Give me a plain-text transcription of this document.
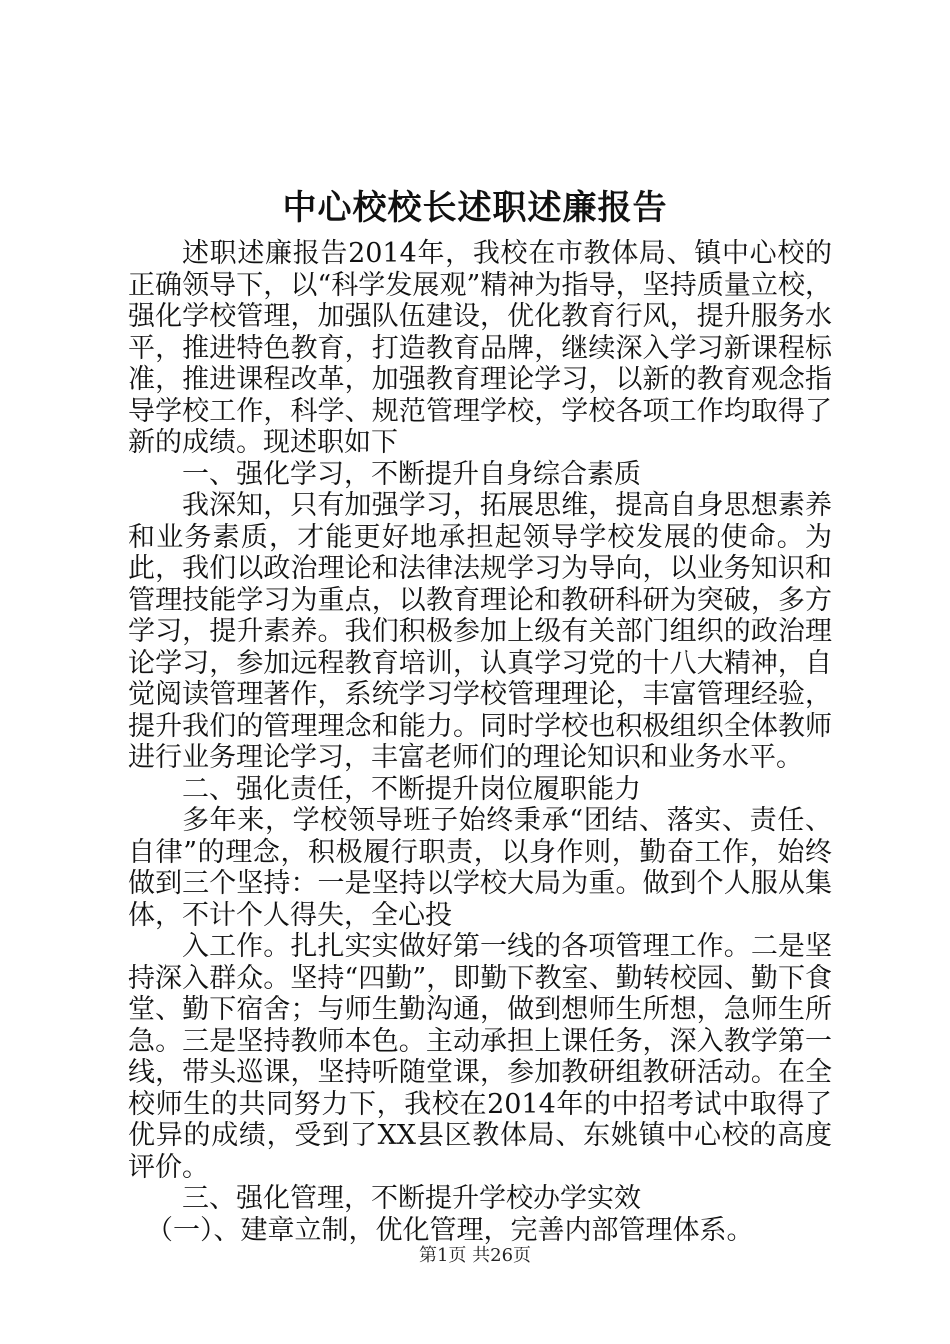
中心校校长述职述廉报告

述职述廉报告2014年，我校在市教体局、镇中心校的正确领导下，以“科学发展观”精神为指导，坚持质量立校，强化学校管理，加强队伍建设，优化教育行风，提升服务水平，推进特色教育，打造教育品牌，继续深入学习新课程标准，推进课程改革，加强教育理论学习，以新的教育观念指导学校工作，科学、规范管理学校，学校各项工作均取得了新的成绩。现述职如下

一、强化学习，不断提升自身综合素质

我深知，只有加强学习，拓展思维，提高自身思想素养和业务素质，才能更好地承担起领导学校发展的使命。为此，我们以政治理论和法律法规学习为导向，以业务知识和管理技能学习为重点，以教育理论和教研科研为突破，多方学习，提升素养。我们积极参加上级有关部门组织的政治理论学习，参加远程教育培训，认真学习党的十八大精神，自觉阅读管理著作，系统学习学校管理理论，丰富管理经验，提升我们的管理理念和能力。同时学校也积极组织全体教师进行业务理论学习，丰富老师们的理论知识和业务水平。

二、强化责任，不断提升岗位履职能力

多年来，学校领导班子始终秉承“团结、落实、责任、自律”的理念，积极履行职责，以身作则，勤奋工作，始终做到三个坚持：一是坚持以学校大局为重。做到个人服从集体，不计个人得失，全心投

入工作。扎扎实实做好第一线的各项管理工作。二是坚持深入群众。坚持“四勤”，即勤下教室、勤转校园、勤下食堂、勤下宿舍；与师生勤沟通，做到想师生所想，急师生所急。三是坚持教师本色。主动承担上课任务，深入教学第一线，带头巡课，坚持听随堂课，参加教研组教研活动。在全校师生的共同努力下，我校在2014年的中招考试中取得了优异的成绩，受到了XX县区教体局、东姚镇中心校的高度评价。

三、强化管理，不断提升学校办学实效

（一）、建章立制，优化管理，完善内部管理体系。

第1页 共26页
